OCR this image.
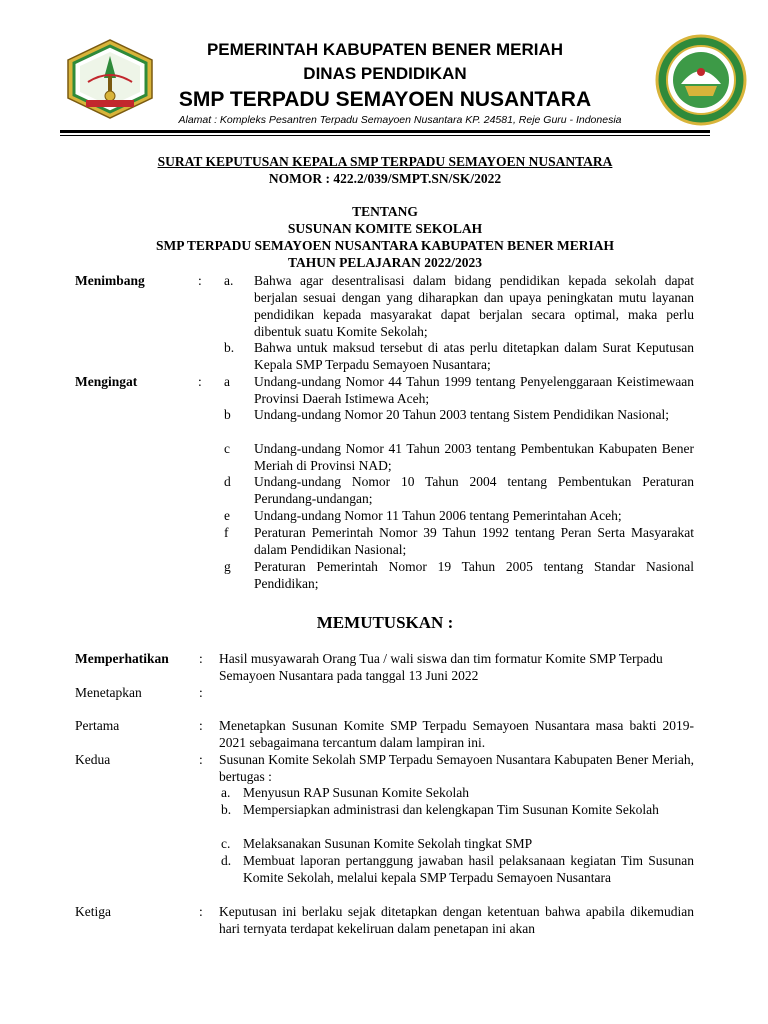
PEMERINTAH KABUPATEN BENER MERIAH
DINAS PENDIDIKAN
SMP TERPADU SEMAYOEN NUSANTARA
Alamat : Kompleks Pesantren Terpadu Semayoen Nusantara KP. 24581, Reje Guru - Indonesia
SURAT KEPUTUSAN KEPALA SMP TERPADU SEMAYOEN NUSANTARA
NOMOR : 422.2/039/SMPT.SN/SK/2022
TENTANG
SUSUNAN KOMITE SEKOLAH
SMP TERPADU SEMAYOEN NUSANTARA KABUPATEN BENER MERIAH
TAHUN PELAJARAN 2022/2023
Menimbang	: a. Bahwa agar desentralisasi dalam bidang pendidikan kepada sekolah dapat berjalan sesuai dengan yang diharapkan dan upaya peningkatan mutu layanan pendidikan kepada masyarakat dapat berjalan secara optimal, maka perlu dibentuk suatu Komite Sekolah;
b. Bahwa untuk maksud tersebut di atas perlu ditetapkan dalam Surat Keputusan Kepala SMP Terpadu Semayoen Nusantara;
Mengingat	: a Undang-undang Nomor 44 Tahun 1999 tentang Penyelenggaraan Keistimewaan Provinsi Daerah Istimewa Aceh;
b Undang-undang Nomor 20 Tahun 2003 tentang Sistem Pendidikan Nasional;
c Undang-undang Nomor 41 Tahun 2003 tentang Pembentukan Kabupaten Bener Meriah di Provinsi NAD;
d Undang-undang Nomor 10 Tahun 2004 tentang Pembentukan Peraturan Perundang-undangan;
e Undang-undang Nomor 11 Tahun 2006 tentang Pemerintahan Aceh;
f Peraturan Pemerintah Nomor 39 Tahun 1992 tentang Peran Serta Masyarakat dalam Pendidikan Nasional;
g Peraturan Pemerintah Nomor 19 Tahun 2005 tentang Standar Nasional Pendidikan;
MEMUTUSKAN :
Memperhatikan : Hasil musyawarah Orang Tua / wali siswa dan tim formatur Komite SMP Terpadu Semayoen Nusantara pada tanggal 13 Juni 2022
Menetapkan	:
Pertama	: Menetapkan Susunan Komite SMP Terpadu Semayoen Nusantara masa bakti 2019-2021 sebagaimana tercantum dalam lampiran ini.
Kedua	: Susunan Komite Sekolah SMP Terpadu Semayoen Nusantara Kabupaten Bener Meriah, bertugas :
a. Menyusun RAP Susunan Komite Sekolah
b. Mempersiapkan administrasi dan kelengkapan Tim Susunan Komite Sekolah
c. Melaksanakan Susunan Komite Sekolah tingkat SMP
d. Membuat laporan pertanggung jawaban hasil pelaksanaan kegiatan Tim Susunan Komite Sekolah, melalui kepala SMP Terpadu Semayoen Nusantara
Ketiga	: Keputusan ini berlaku sejak ditetapkan dengan ketentuan bahwa apabila dikemudian hari ternyata terdapat kekeliruan dalam penetapan ini akan
